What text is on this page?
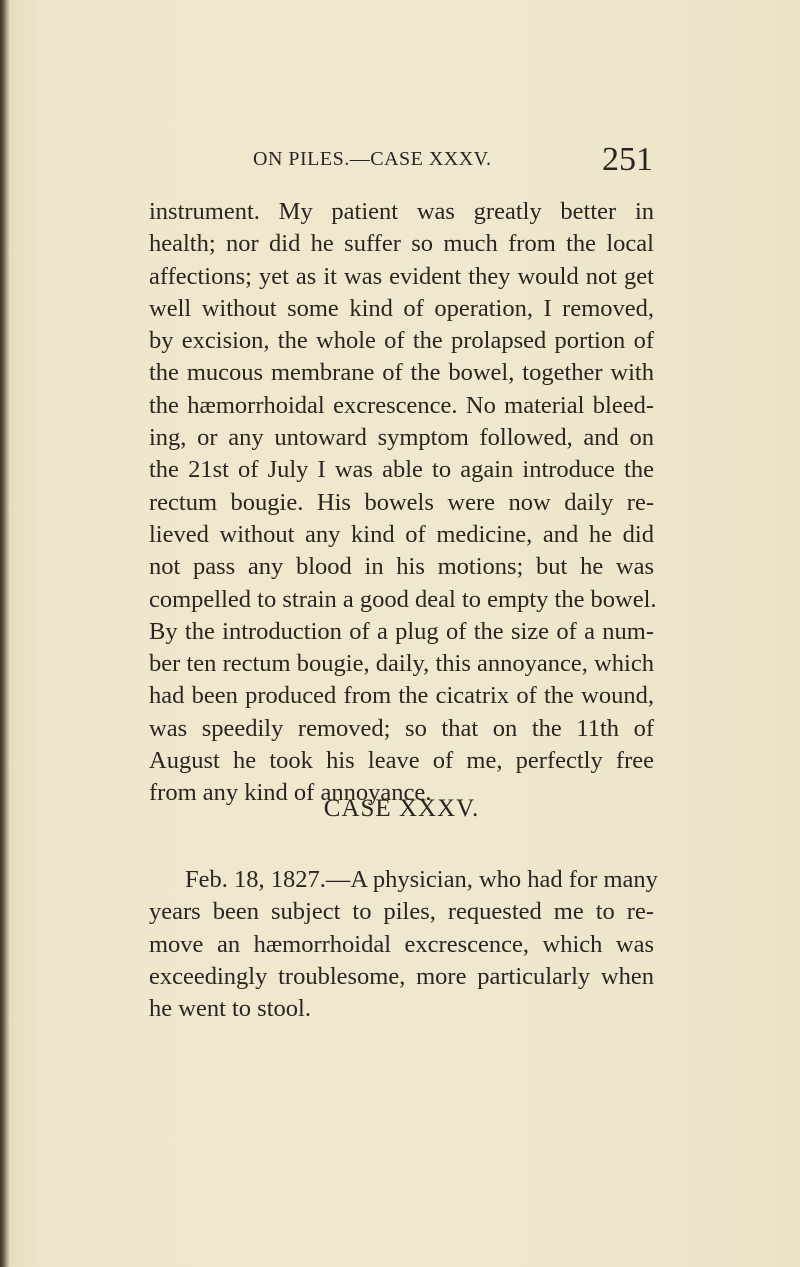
ON PILES.—CASE XXXV.	251
instrument. My patient was greatly better in
health; nor did he suffer so much from the local
affections; yet as it was evident they would not get
well without some kind of operation, I removed,
by excision, the whole of the prolapsed portion of
the mucous membrane of the bowel, together with
the hæmorrhoidal excrescence. No material bleed-
ing, or any untoward symptom followed, and on
the 21st of July I was able to again introduce the
rectum bougie. His bowels were now daily re-
lieved without any kind of medicine, and he did
not pass any blood in his motions; but he was
compelled to strain a good deal to empty the bowel.
By the introduction of a plug of the size of a num-
ber ten rectum bougie, daily, this annoyance, which
had been produced from the cicatrix of the wound,
was speedily removed; so that on the 11th of
August he took his leave of me, perfectly free
from any kind of annoyance.
CASE XXXV.
Feb. 18, 1827.—A physician, who had for many
years been subject to piles, requested me to re-
move an hæmorrhoidal excrescence, which was
exceedingly troublesome, more particularly when
he went to stool.
